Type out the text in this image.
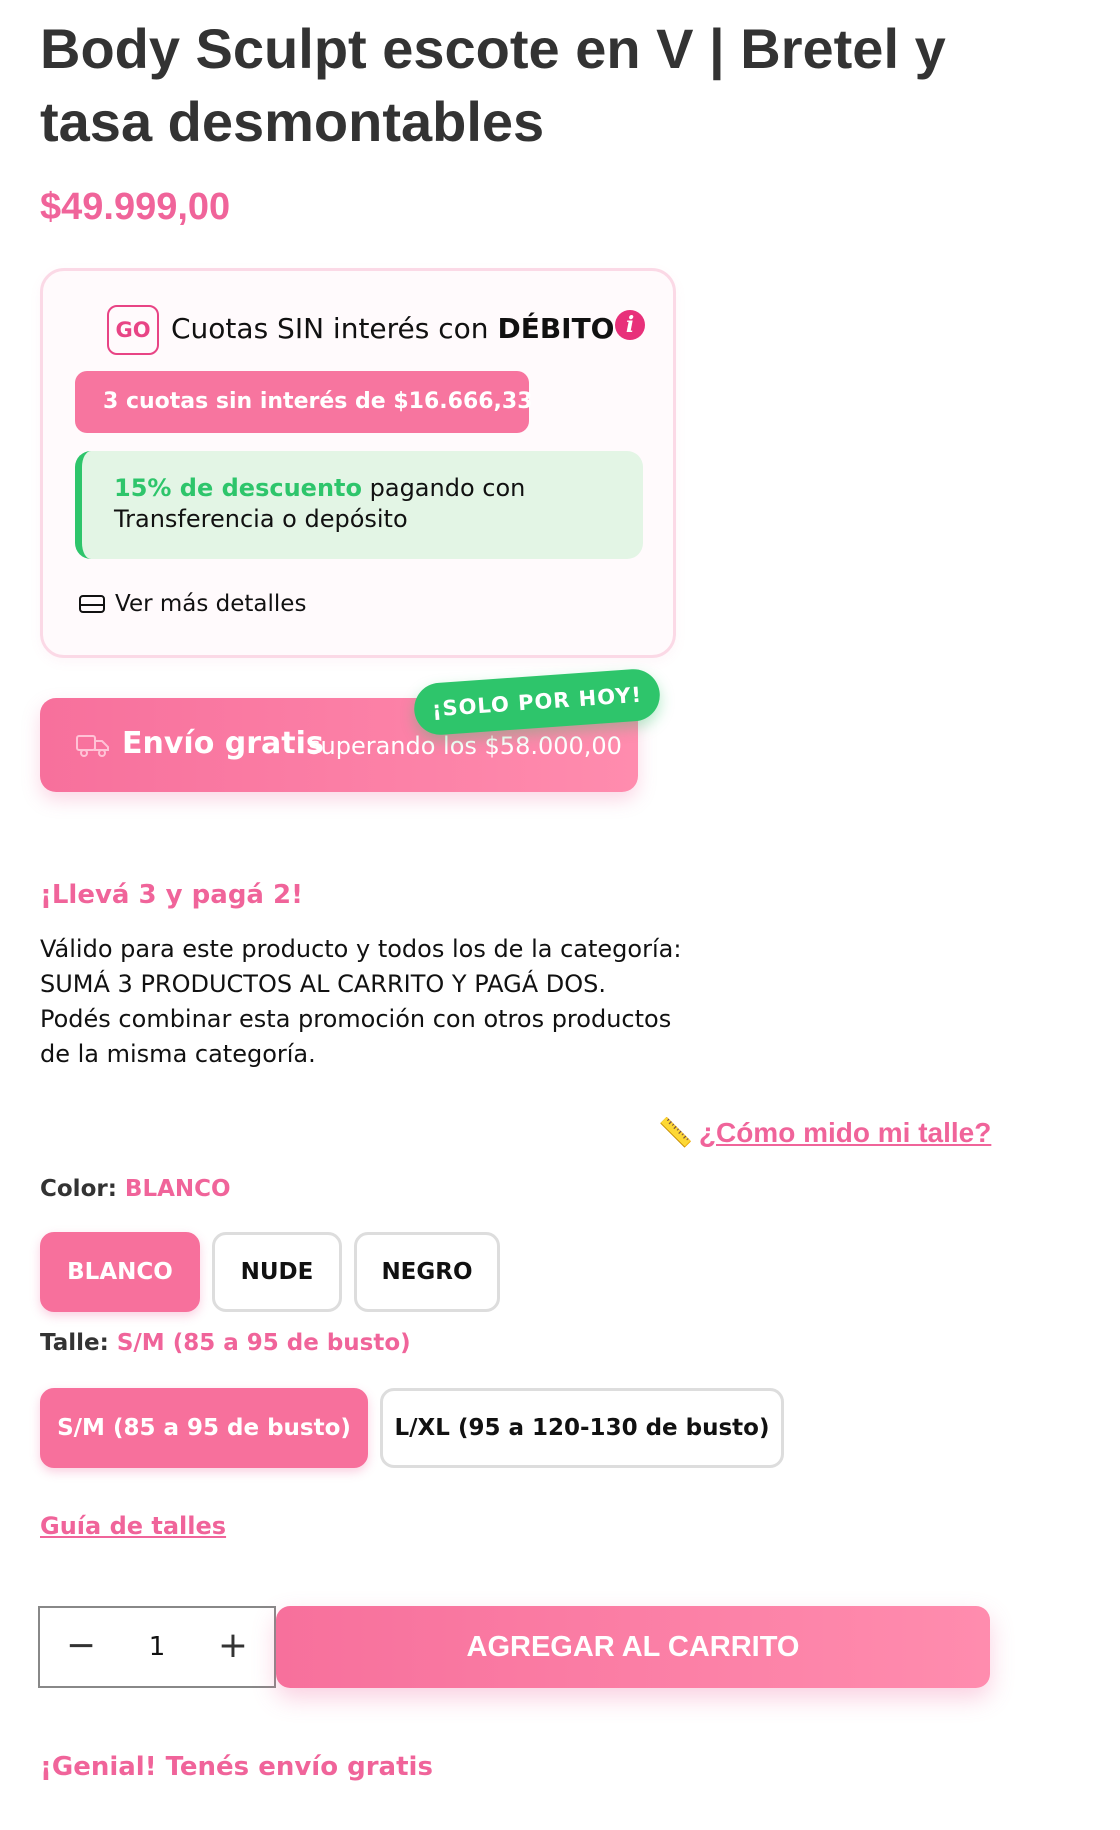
Body Sculpt escote en V | Bretel y tasa desmontables
$49.999,00
GO Cuotas SIN interés con DÉBITO i
3 cuotas sin interés de $16.666,33
15% de descuento pagando con
Transferencia o depósito
Ver más detalles
Envío gratis
superando los $58.000,00
¡SOLO POR HOY!
¡Llevá 3 y pagá 2!
Válido para este producto y todos los de la categoría:
SUMÁ 3 PRODUCTOS AL CARRITO Y PAGÁ DOS.
Podés combinar esta promoción con otros productos
de la misma categoría.
📏 ¿Cómo mido mi talle?
Color: BLANCO
BLANCO	NUDE	NEGRO
Talle: S/M (85 a 95 de busto)
S/M (85 a 95 de busto)	L/XL (95 a 120-130 de busto)
Guía de talles
−	1	+	AGREGAR AL CARRITO
¡Genial! Tenés envío gratis
